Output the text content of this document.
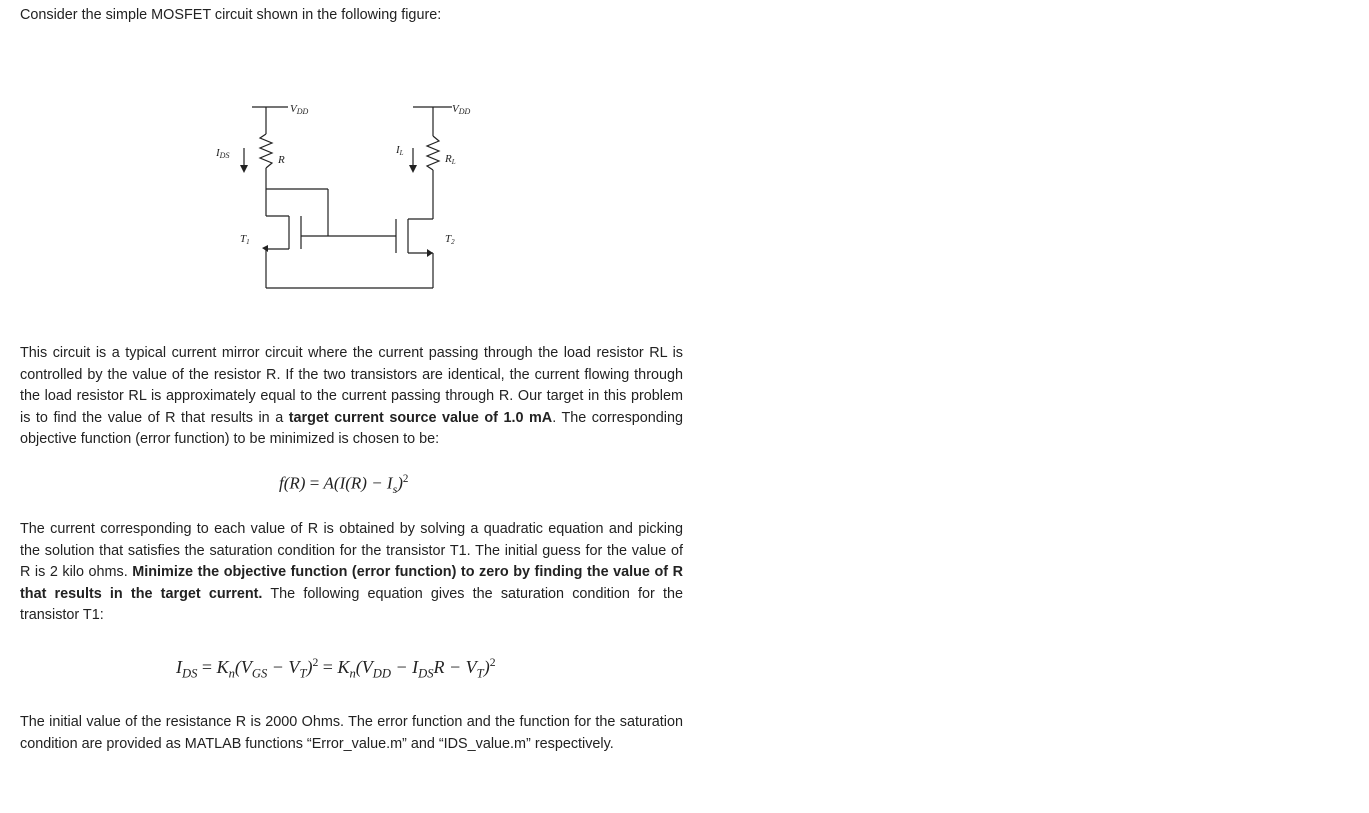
Consider the simple MOSFET circuit shown in the following figure:

VDD	VDD
IDS	R
IL	RL
T1	T2

This circuit is a typical current mirror circuit where the current passing through the load resistor RL is controlled by the value of the resistor R. If the two transistors are identical, the current flowing through the load resistor RL is approximately equal to the current passing through R. Our target in this problem is to find the value of R that results in a target current source value of 1.0 mA. The corresponding objective function (error function) to be minimized is chosen to be:

$f(R) = A(I(R) - I_s)^2$

The current corresponding to each value of R is obtained by solving a quadratic equation and picking the solution that satisfies the saturation condition for the transistor T1. The initial guess for the value of R is 2 kilo ohms. Minimize the objective function (error function) to zero by finding the value of R that results in the target current. The following equation gives the saturation condition for the transistor T1:

$I_{DS} = K_n(V_{GS} - V_T)^2 = K_n(V_{DD} - I_{DS}R - V_T)^2$

The initial value of the resistance R is 2000 Ohms. The error function and the function for the saturation condition are provided as MATLAB functions “Error_value.m” and “IDS_value.m” respectively.
